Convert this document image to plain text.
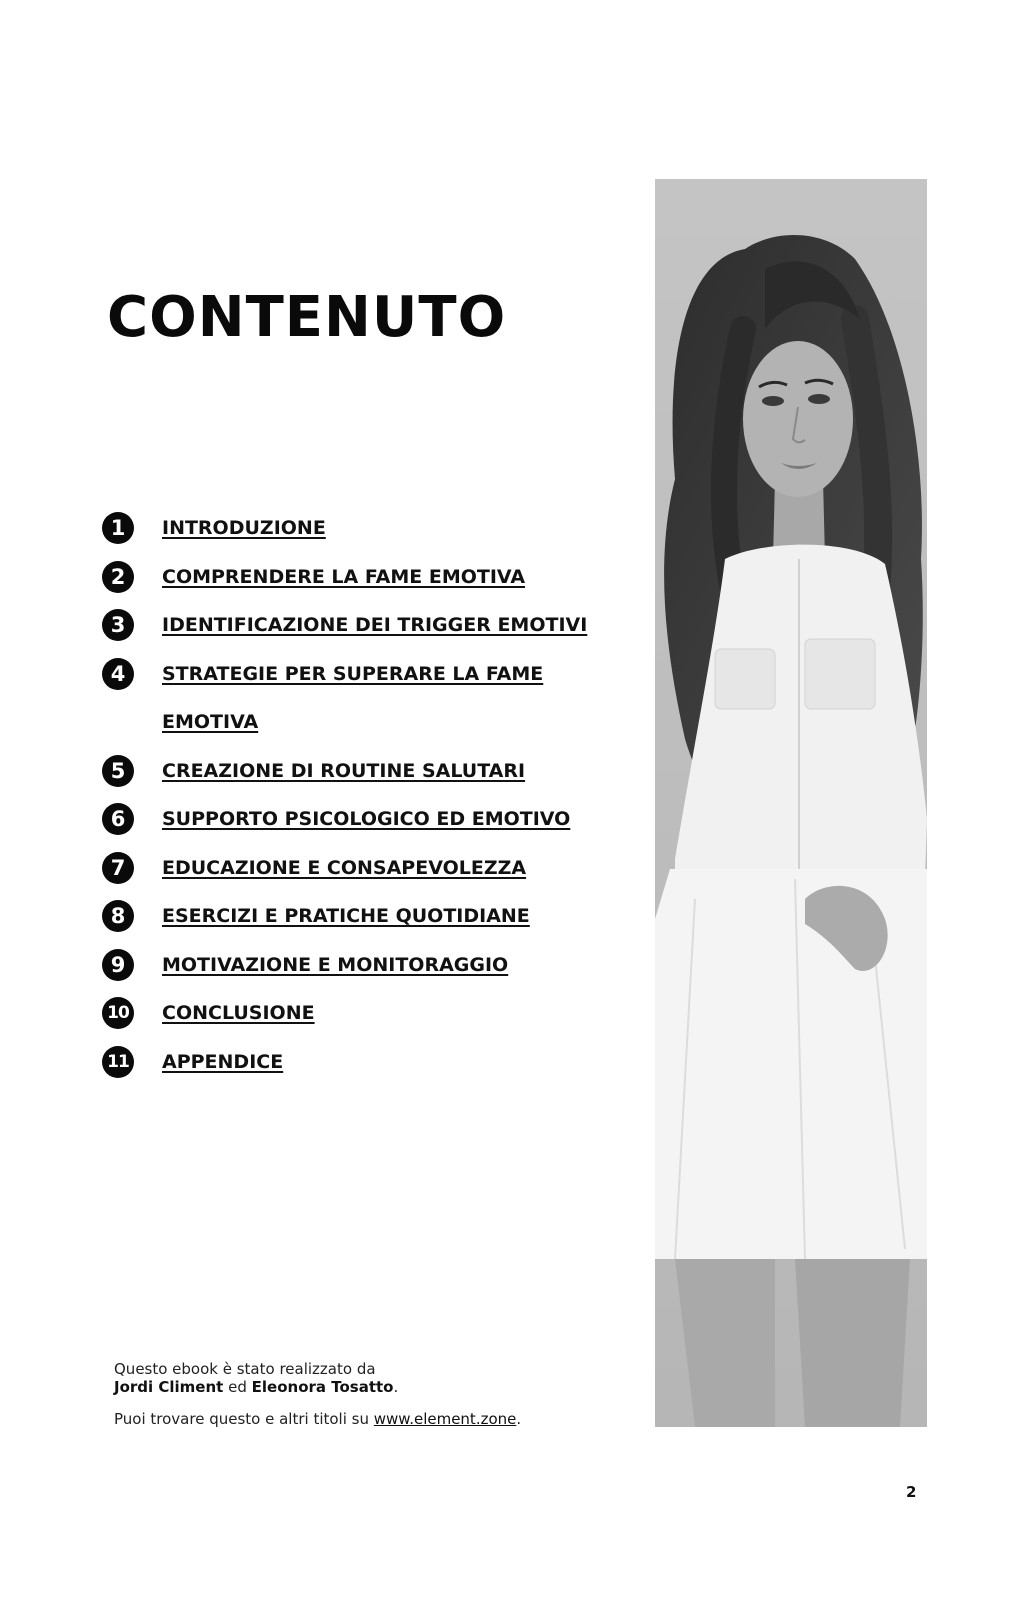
CONTENUTO
1	INTRODUZIONE
2	COMPRENDERE LA FAME EMOTIVA
3	IDENTIFICAZIONE DEI TRIGGER EMOTIVI
4	STRATEGIE PER SUPERARE LA FAME EMOTIVA
5	CREAZIONE DI ROUTINE SALUTARI
6	SUPPORTO PSICOLOGICO ED EMOTIVO
7	EDUCAZIONE E CONSAPEVOLEZZA
8	ESERCIZI E PRATICHE QUOTIDIANE
9	MOTIVAZIONE E MONITORAGGIO
10 CONCLUSIONE
11 APPENDICE

Questo ebook è stato realizzato da

Jordi Climent ed Eleonora Tosatto.

Puoi trovare questo e altri titoli su www.element.zone.

2
